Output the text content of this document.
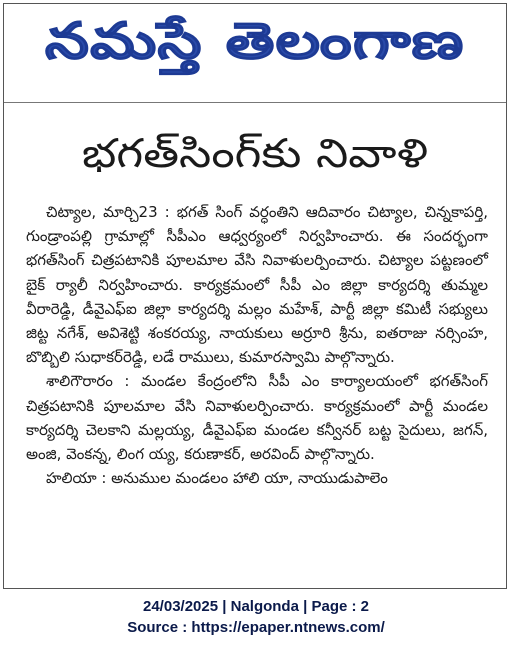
నమస్తే తెలంగాణ
భగత్‌సింగ్‌కు నివాళి

చిట్యాల, మార్చి23 : భగత్ సింగ్ వర్ధంతిని ఆదివారం చిట్యాల, చిన్నకాపర్తి, గుండ్రాంపల్లి గ్రామాల్లో సీపీఎం ఆధ్వర్యంలో నిర్వహించారు. ఈ సందర్భంగా భగత్‌సింగ్ చిత్రపటానికి పూలమాల వేసి నివాళులర్పించారు. చిట్యాల పట్టణంలో బైక్ ర్యాలీ నిర్వహించారు. కార్యక్రమంలో సీపీ ఎం జిల్లా కార్యదర్శి తుమ్మల వీరారెడ్డి, డీవైఎఫ్ఐ జిల్లా కార్యదర్శి మల్లం మహేశ్, పార్టీ జిల్లా కమిటీ సభ్యులు జిట్ట నగేశ్, అవిశెట్టి శంకరయ్య, నాయకులు అర్రూరి శ్రీను, ఐతరాజు నర్సింహ, బొబ్బిలి సుధాకర్‌రెడ్డి, లడే రాములు, కుమారస్వామి పాల్గొన్నారు.

శాలిగౌరారం : మండల కేంద్రంలోని సీపీ ఎం కార్యాలయంలో భగత్‌సింగ్ చిత్రపటానికి పూలమాల వేసి నివాళులర్పించారు. కార్యక్రమంలో పార్టీ మండల కార్యదర్శి చెలకాని మల్లయ్య, డీవైఎఫ్ఐ మండల కన్వీనర్ బట్ట సైదులు, జగన్, అంజి, వెంకన్న, లింగ య్య, కరుణాకర్, అరవింద్ పాల్గొన్నారు.

హలియా : అనుముల మండలం హాలి యా, నాయుడుపాలెం

24/03/2025 | Nalgonda | Page : 2
Source : https://epaper.ntnews.com/
